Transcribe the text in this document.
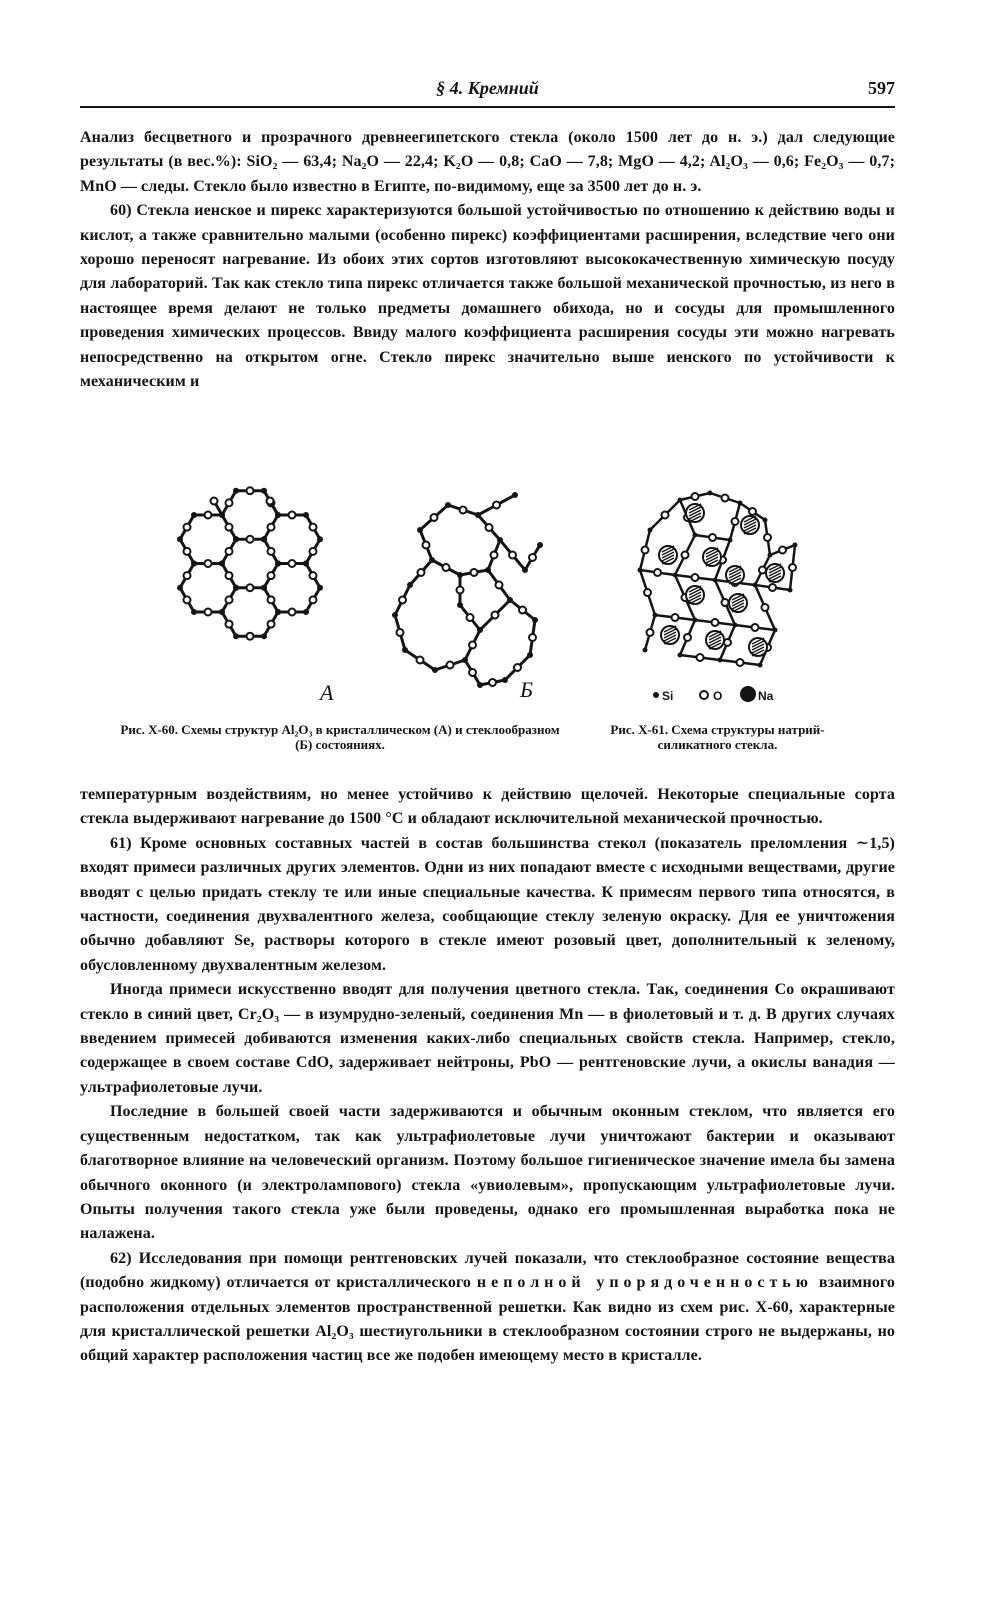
§ 4. Кремний	597

Анализ бесцветного и прозрачного древнеегипетского стекла (около 1500 лет до н. э.) дал следующие результаты (в вес.%): SiO₂ — 63,4; Na₂O — 22,4; K₂O — 0,8; CaO — 7,8; MgO — 4,2; Al₂O₃ — 0,6; Fe₂O₃ — 0,7; MnO — следы. Стекло было известно в Египте, по-видимому, еще за 3500 лет до н. э.

60) Стекла иенское и пирекс характеризуются большой устойчивостью по отношению к действию воды и кислот, а также сравнительно малыми (особенно пирекс) коэффициентами расширения, вследствие чего они хорошо переносят нагревание. Из обоих этих сортов изготовляют высококачественную химическую посуду для лабораторий. Так как стекло типа пирекс отличается также большой механической прочностью, из него в настоящее время делают не только предметы домашнего обихода, но и сосуды для промышленного проведения химических процессов. Ввиду малого коэффициента расширения сосуды эти можно нагревать непосредственно на открытом огне. Стекло пирекс значительно выше иенского по устойчивости к механическим и

А	Б	Si	O	Na
Рис. X-60. Схемы структур Al₂O₃ в кристаллическом (А) и стеклообразном (Б) состояниях.
Рис. X-61. Схема структуры натрий-силикатного стекла.

температурным воздействиям, но менее устойчиво к действию щелочей. Некоторые специальные сорта стекла выдерживают нагревание до 1500 °С и обладают исключительной механической прочностью.

61) Кроме основных составных частей в состав большинства стекол (показатель преломления ∼1,5) входят примеси различных других элементов. Одни из них попадают вместе с исходными веществами, другие вводят с целью придать стеклу те или иные специальные качества. К примесям первого типа относятся, в частности, соединения двухвалентного железа, сообщающие стеклу зеленую окраску. Для ее уничтожения обычно добавляют Se, растворы которого в стекле имеют розовый цвет, дополнительный к зеленому, обусловленному двухвалентным железом.

Иногда примеси искусственно вводят для получения цветного стекла. Так, соединения Co окрашивают стекло в синий цвет, Cr₂O₃ — в изумрудно-зеленый, соединения Mn — в фиолетовый и т. д. В других случаях введением примесей добиваются изменения каких-либо специальных свойств стекла. Например, стекло, содержащее в своем составе CdO, задерживает нейтроны, PbO — рентгеновские лучи, а окислы ванадия — ультрафиолетовые лучи.

Последние в большей своей части задерживаются и обычным оконным стеклом, что является его существенным недостатком, так как ультрафиолетовые лучи уничтожают бактерии и оказывают благотворное влияние на человеческий организм. Поэтому большое гигиеническое значение имела бы замена обычного оконного (и электролампового) стекла «увиолевым», пропускающим ультрафиолетовые лучи. Опыты получения такого стекла уже были проведены, однако его промышленная выработка пока не налажена.

62) Исследования при помощи рентгеновских лучей показали, что стеклообразное состояние вещества (подобно жидкому) отличается от кристаллического неполной упорядоченностью взаимного расположения отдельных элементов пространственной решетки. Как видно из схем рис. X-60, характерные для кристаллической решетки Al₂O₃ шестиугольники в стеклообразном состоянии строго не выдержаны, но общий характер расположения частиц все же подобен имеющему место в кристалле.
